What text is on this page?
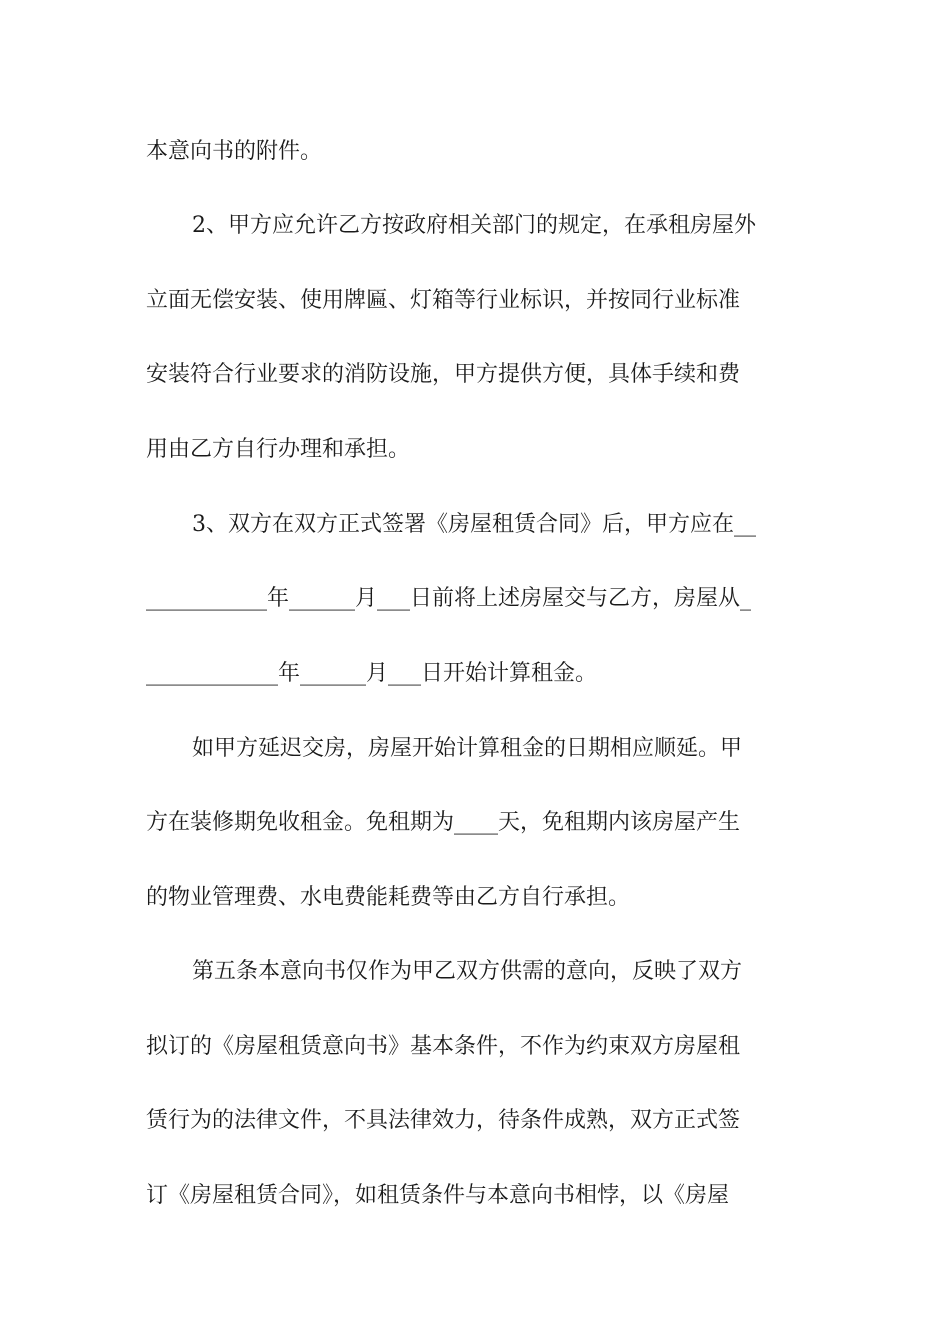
本意向书的附件。
2、甲方应允许乙方按政府相关部门的规定，在承租房屋外
立面无偿安装、使用牌匾、灯箱等行业标识，并按同行业标准
安装符合行业要求的消防设施，甲方提供方便，具体手续和费
用由乙方自行办理和承担。
3、双方在双方正式签署《房屋租赁合同》后，甲方应在__
___________年______月___日前将上述房屋交与乙方，房屋从_
____________年______月___日开始计算租金。
如甲方延迟交房，房屋开始计算租金的日期相应顺延。甲
方在装修期免收租金。免租期为____天，免租期内该房屋产生
的物业管理费、水电费能耗费等由乙方自行承担。
第五条本意向书仅作为甲乙双方供需的意向，反映了双方
拟订的《房屋租赁意向书》基本条件，不作为约束双方房屋租
赁行为的法律文件，不具法律效力，待条件成熟，双方正式签
订《房屋租赁合同》，如租赁条件与本意向书相悖，以《房屋
